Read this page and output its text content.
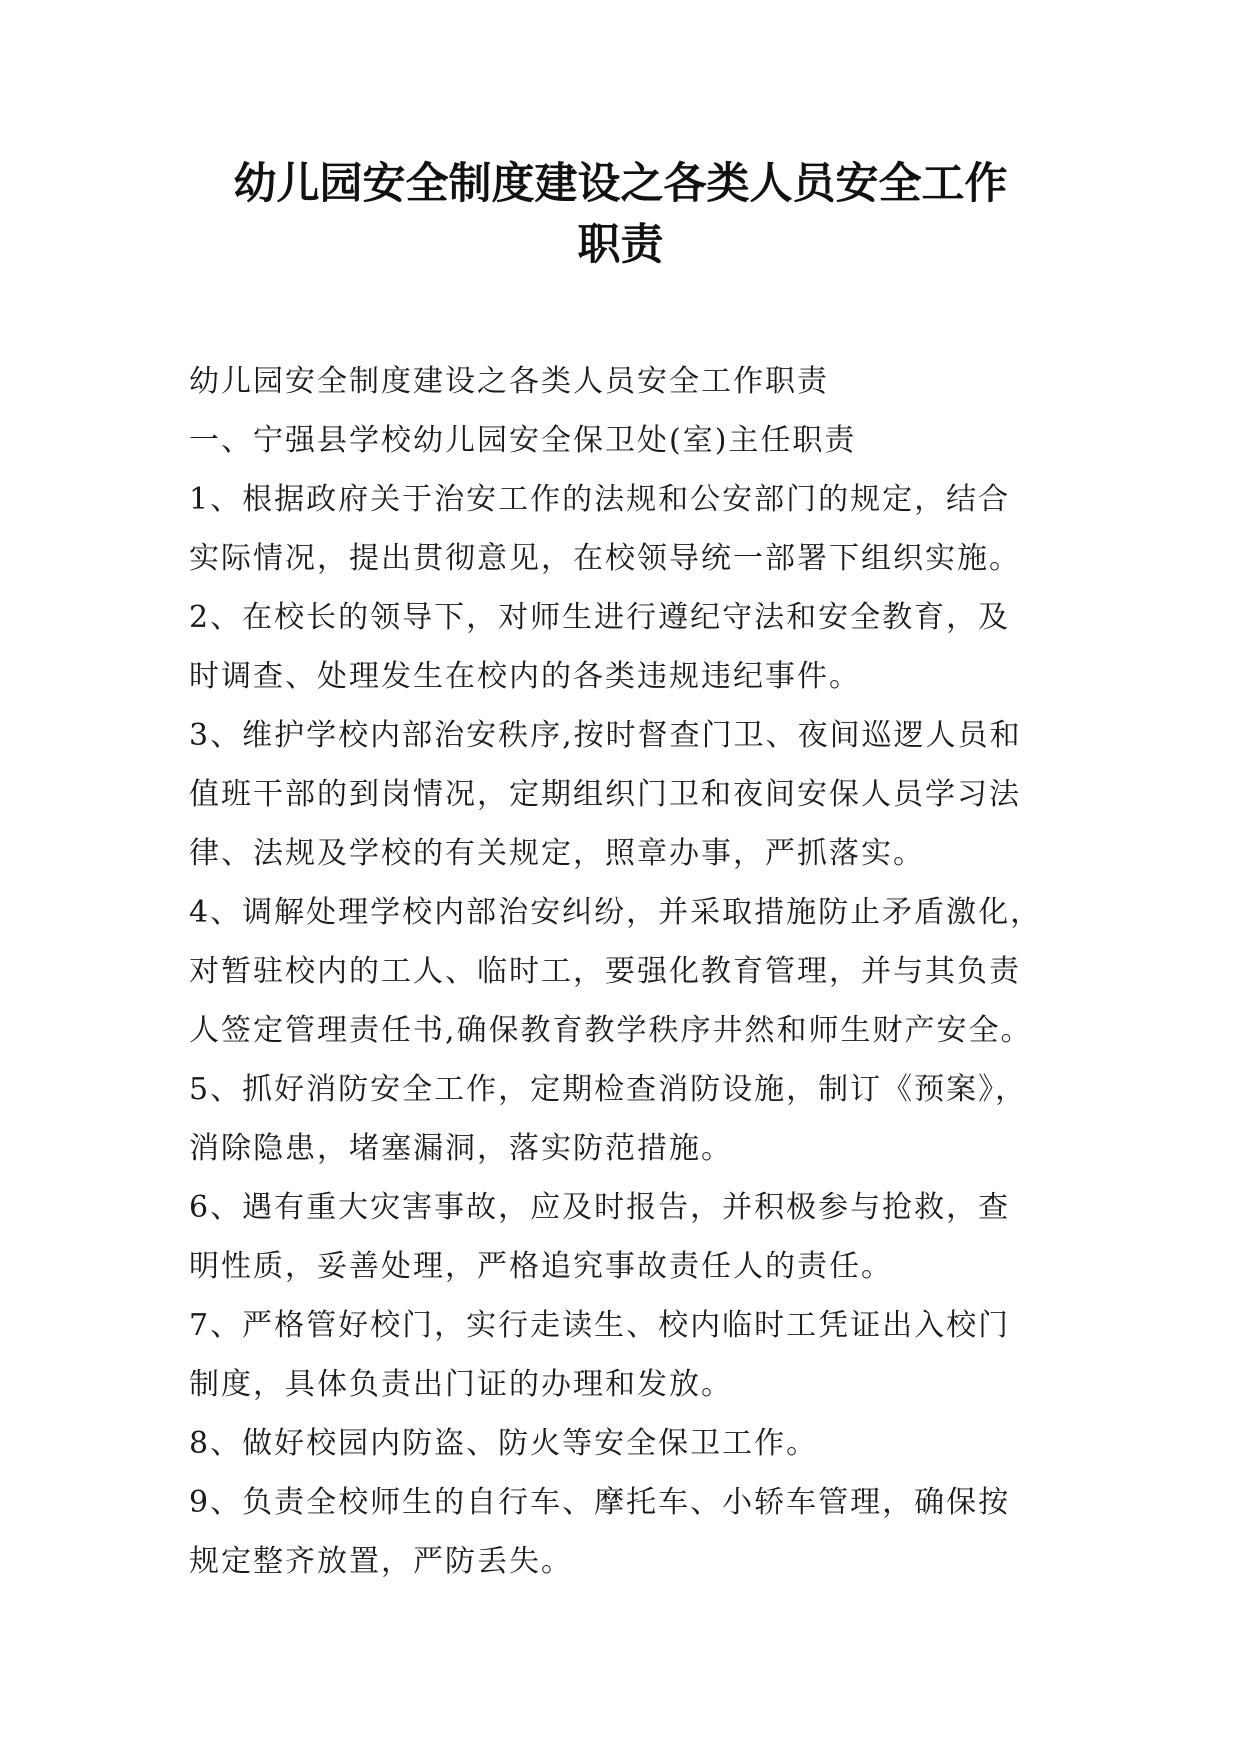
幼儿园安全制度建设之各类人员安全工作
职责
幼儿园安全制度建设之各类人员安全工作职责
一、宁强县学校幼儿园安全保卫处(室)主任职责
1、根据政府关于治安工作的法规和公安部门的规定，结合
实际情况，提出贯彻意见，在校领导统一部署下组织实施。
2、在校长的领导下，对师生进行遵纪守法和安全教育，及
时调查、处理发生在校内的各类违规违纪事件。
3、维护学校内部治安秩序,按时督查门卫、夜间巡逻人员和
值班干部的到岗情况，定期组织门卫和夜间安保人员学习法
律、法规及学校的有关规定，照章办事，严抓落实。
4、调解处理学校内部治安纠纷，并采取措施防止矛盾激化，
对暂驻校内的工人、临时工，要强化教育管理，并与其负责
人签定管理责任书,确保教育教学秩序井然和师生财产安全。
5、抓好消防安全工作，定期检查消防设施，制订《预案》，
消除隐患，堵塞漏洞，落实防范措施。
6、遇有重大灾害事故，应及时报告，并积极参与抢救，查
明性质，妥善处理，严格追究事故责任人的责任。
7、严格管好校门，实行走读生、校内临时工凭证出入校门
制度，具体负责出门证的办理和发放。
8、做好校园内防盗、防火等安全保卫工作。
9、负责全校师生的自行车、摩托车、小轿车管理，确保按
规定整齐放置，严防丢失。
